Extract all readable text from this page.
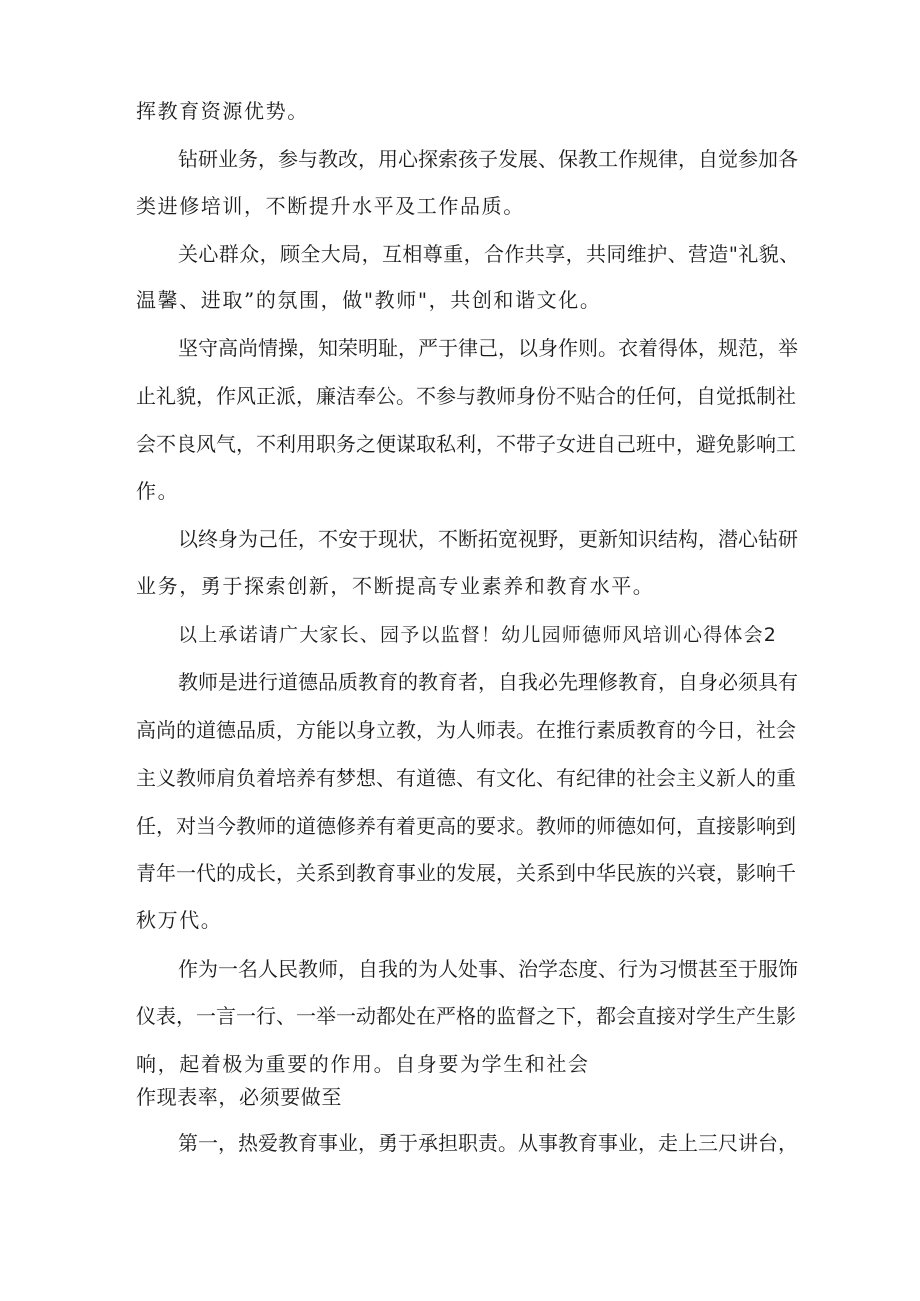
挥教育资源优势。

钻研业务，参与教改，用心探索孩子发展、保教工作规律，自觉参加各

类进修培训，不断提升水平及工作品质。

关心群众，顾全大局，互相尊重，合作共享，共同维护、营造"礼貌、

温馨、进取”的氛围，做"教师"，共创和谐文化。

坚守高尚情操，知荣明耻，严于律己，以身作则。衣着得体，规范，举

止礼貌，作风正派，廉洁奉公。不参与教师身份不贴合的任何，自觉抵制社

会不良风气，不利用职务之便谋取私利，不带子女进自己班中，避免影响工

作。

以终身为己任，不安于现状，不断拓宽视野，更新知识结构，潜心钻研

业务，勇于探索创新，不断提高专业素养和教育水平。

以上承诺请广大家长、园予以监督！幼儿园师德师风培训心得体会2

教师是进行道德品质教育的教育者，自我必先理修教育，自身必须具有

高尚的道德品质，方能以身立教，为人师表。在推行素质教育的今日，社会

主义教师肩负着培养有梦想、有道德、有文化、有纪律的社会主义新人的重

任，对当今教师的道德修养有着更高的要求。教师的师德如何，直接影响到

青年一代的成长，关系到教育事业的发展，关系到中华民族的兴衰，影响千

秋万代。

作为一名人民教师，自我的为人处事、治学态度、行为习惯甚至于服饰

仪表，一言一行、一举一动都处在严格的监督之下，都会直接对学生产生影

响，起着极为重要的作用。自身要为学生和社会

作现表率，必须要做至

第一，热爱教育事业，勇于承担职责。从事教育事业，走上三尺讲台，
